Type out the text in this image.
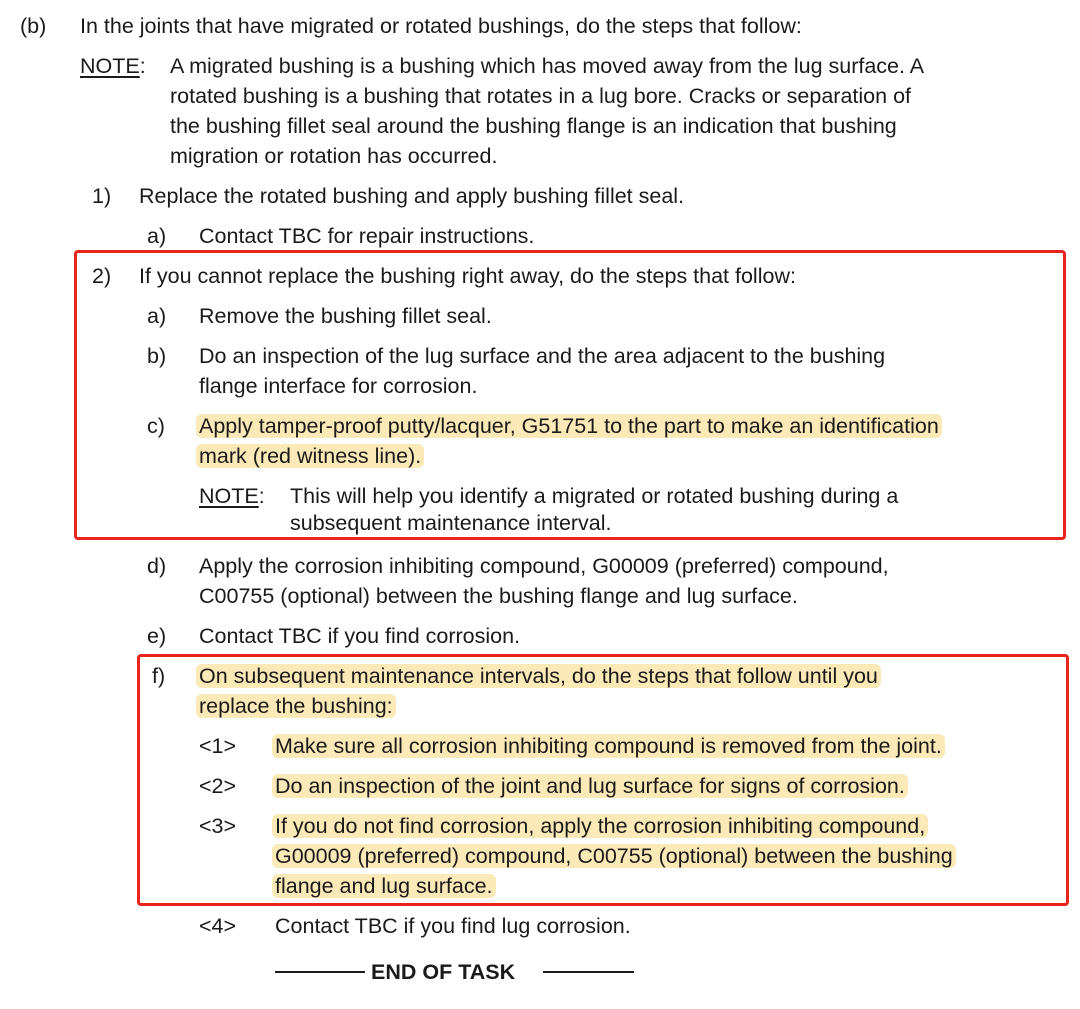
(b) In the joints that have migrated or rotated bushings, do the steps that follow:
NOTE: A migrated bushing is a bushing which has moved away from the lug surface. A
rotated bushing is a bushing that rotates in a lug bore. Cracks or separation of
the bushing fillet seal around the bushing flange is an indication that bushing
migration or rotation has occurred.
1) Replace the rotated bushing and apply bushing fillet seal.
a) Contact TBC for repair instructions.
2) If you cannot replace the bushing right away, do the steps that follow:
a) Remove the bushing fillet seal.
b) Do an inspection of the lug surface and the area adjacent to the bushing
flange interface for corrosion.
c) Apply tamper-proof putty/lacquer, G51751 to the part to make an identification
mark (red witness line).
NOTE: This will help you identify a migrated or rotated bushing during a
subsequent maintenance interval.
d) Apply the corrosion inhibiting compound, G00009 (preferred) compound,
C00755 (optional) between the bushing flange and lug surface.
e) Contact TBC if you find corrosion.
f) On subsequent maintenance intervals, do the steps that follow until you
replace the bushing:
<1> Make sure all corrosion inhibiting compound is removed from the joint.
<2> Do an inspection of the joint and lug surface for signs of corrosion.
<3> If you do not find corrosion, apply the corrosion inhibiting compound,
G00009 (preferred) compound, C00755 (optional) between the bushing
flange and lug surface.
<4> Contact TBC if you find lug corrosion.
END OF TASK
